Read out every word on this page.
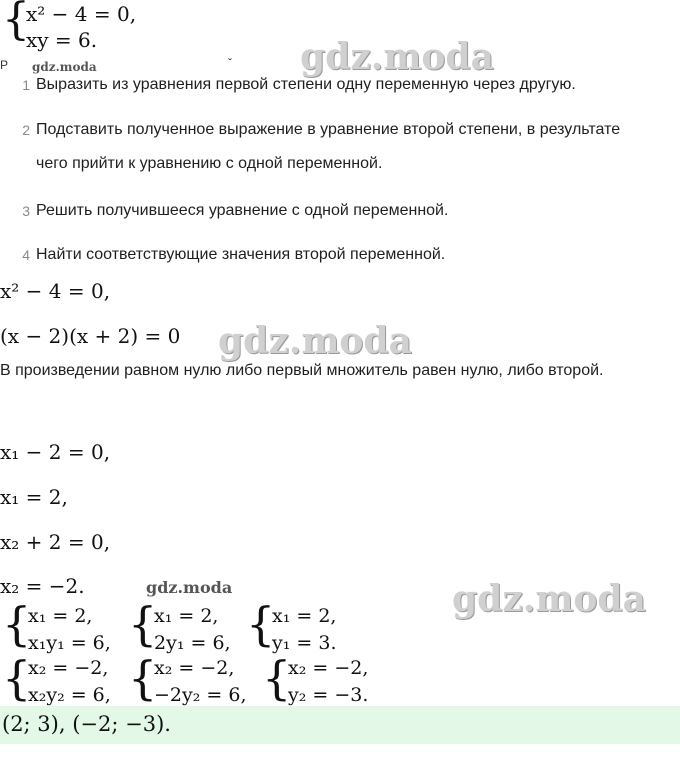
{
x² − 4 = 0,
xy = 6.
Р	ˇ
gdz.moda	gdz.moda
1 Выразить из уравнения первой степени одну переменную через другую.
2 Подставить полученное выражение в уравнение второй степени, в результате чего прийти к уравнению с одной переменной.
3 Решить получившееся уравнение с одной переменной.
4 Найти соответствующие значения второй переменной.
x² − 4 = 0,
(x − 2)(x + 2) = 0 gdz.moda
В произведении равном нулю либо первый множитель равен нулю, либо второй.
x₁ − 2 = 0,
x₁ = 2,
x₂ + 2 = 0,
x₂ = −2.	gdz.moda	gdz.moda
{
x₁ = 2,
x₁y₁ = 6, {
x₁ = 2,
2y₁ = 6, {
x₁ = 2,
y₁ = 3.
{
x₂ = −2,
x₂y₂ = 6, {
x₂ = −2,
−2y₂ = 6, {
x₂ = −2,
y₂ = −3.
(2; 3), (−2; −3).
